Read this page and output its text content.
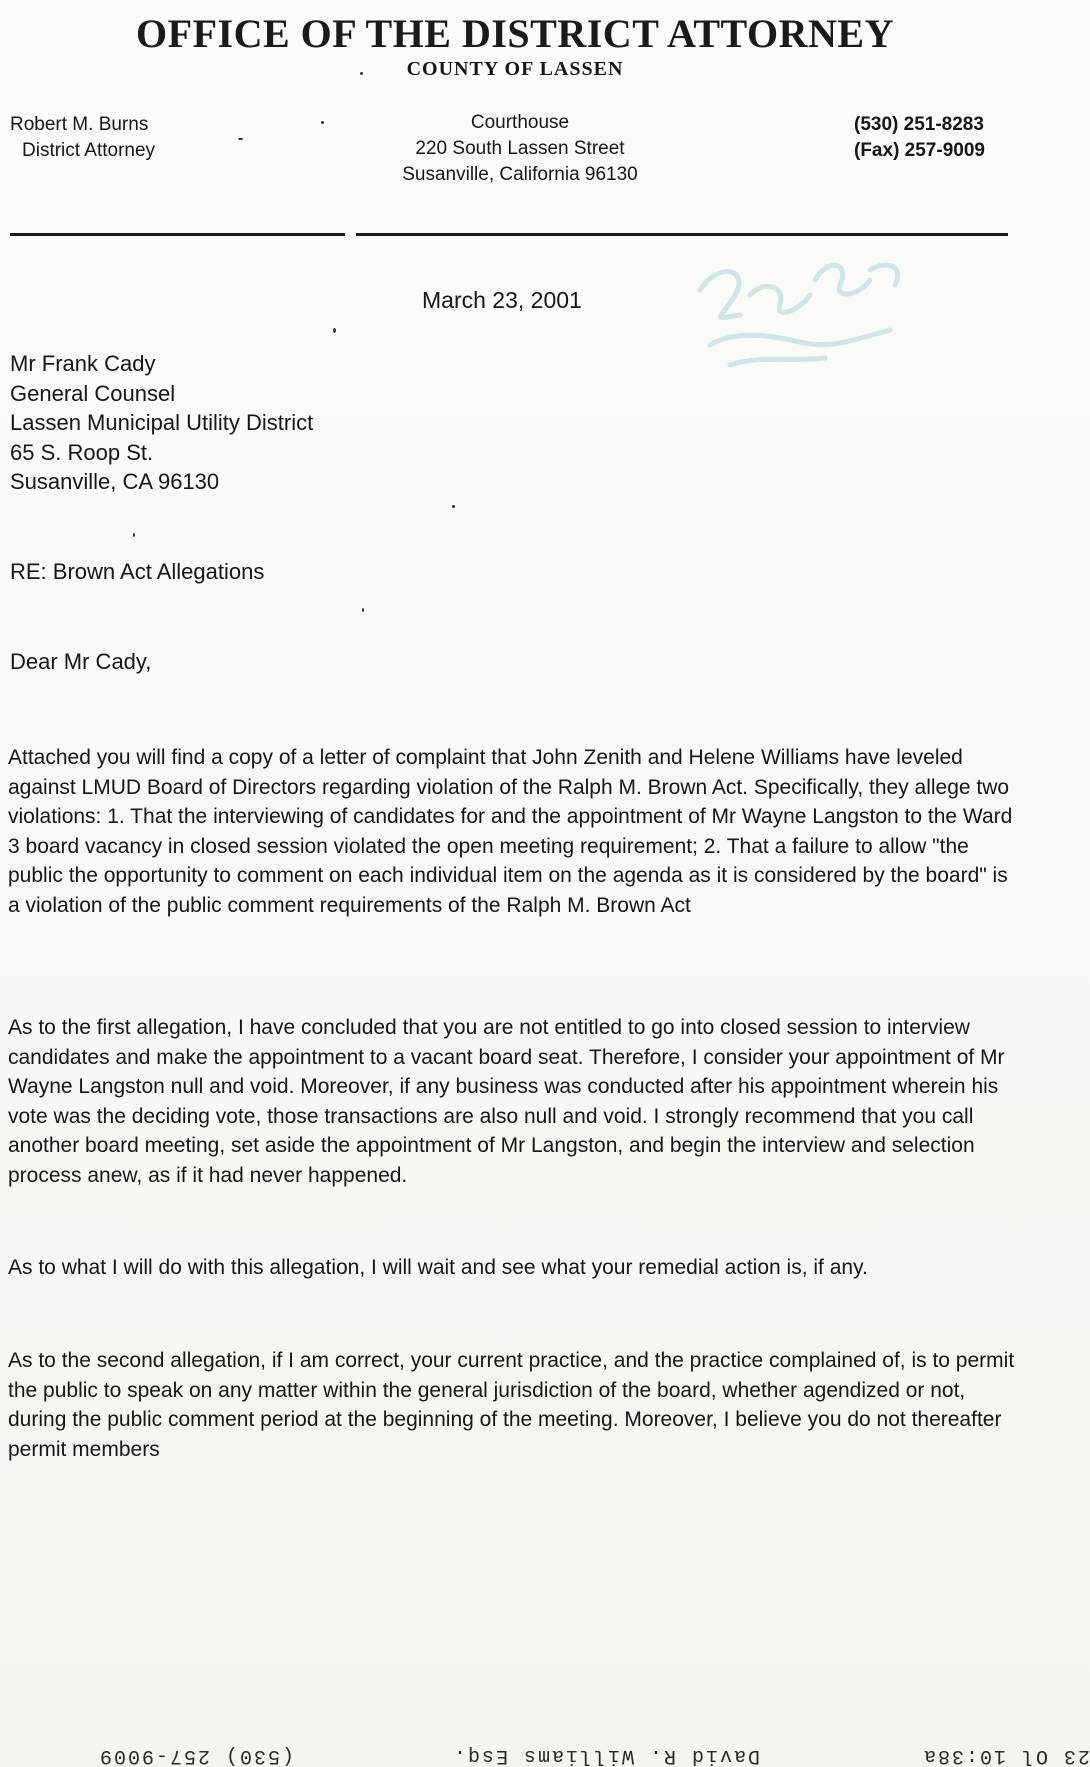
OFFICE OF THE DISTRICT ATTORNEY
COUNTY OF LASSEN
Robert M. Burns
District Attorney
Courthouse
220 South Lassen Street
Susanville, California 96130
(530) 251-8283
(Fax) 257-9009
March 23, 2001
Mr Frank Cady
General Counsel
Lassen Municipal Utility District
65 S. Roop St.
Susanville, CA 96130
RE: Brown Act Allegations
Dear Mr Cady,

Attached you will find a copy of a letter of complaint that John Zenith and Helene Williams have leveled against LMUD Board of Directors regarding violation of the Ralph M. Brown Act. Specifically, they allege two violations: 1. That the interviewing of candidates for and the appointment of Mr Wayne Langston to the Ward 3 board vacancy in closed session violated the open meeting requirement; 2. That a failure to allow "the public the opportunity to comment on each individual item on the agenda as it is considered by the board" is a violation of the public comment requirements of the Ralph M. Brown Act

As to the first allegation, I have concluded that you are not entitled to go into closed session to interview candidates and make the appointment to a vacant board seat. Therefore, I consider your appointment of Mr Wayne Langston null and void. Moreover, if any business was conducted after his appointment wherein his vote was the deciding vote, those transactions are also null and void. I strongly recommend that you call another board meeting, set aside the appointment of Mr Langston, and begin the interview and selection process anew, as if it had never happened.

As to what I will do with this allegation, I will wait and see what your remedial action is, if any.

As to the second allegation, if I am correct, your current practice, and the practice complained of, is to permit the public to speak on any matter within the general jurisdiction of the board, whether agendized or not, during the public comment period at the beginning of the meeting. Moreover, I believe you do not thereafter permit members

23 Ol 10:38a
David R. Williams Esq.
(530) 257-9009
